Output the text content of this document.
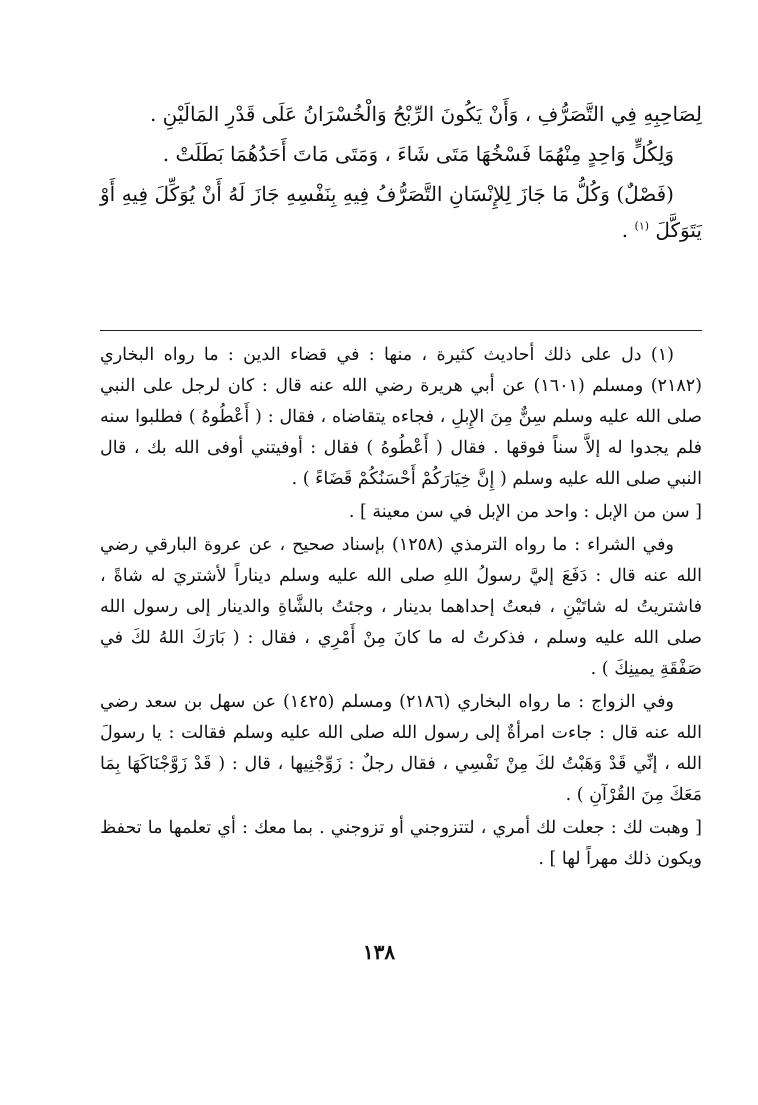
لِصَاحِبِهِ فِي التَّصَرُّفِ ، وَأَنْ يَكُونَ الرِّبْحُ وَالْخُسْرَانُ عَلَى قَدْرِ المَالَيْنِ .

وَلِكُلٍّ وَاحِدٍ مِنْهُمَا فَسْخُهَا مَتَى شَاءَ ، وَمَتَى مَاتَ أَحَدُهُمَا بَطَلَتْ .

(فَصْلٌ) وَكُلُّ مَا جَازَ لِلإِنْسَانِ التَّصَرُّفُ فِيهِ بِنَفْسِهِ جَازَ لَهُ أَنْ يُوَكِّلَ فِيهِ أَوْ يَتَوَكَّلَ $^{(١)}$ .

(١) دل على ذلك أحاديث كثيرة ، منها : في قضاء الدين : ما رواه البخاري (٢١٨٢) ومسلم (١٦٠١) عن أبي هريرة رضي الله عنه قال : كان لرجل على النبي صلى الله عليه وسلم سِنٌّ مِنَ الإِبلِ ، فجاءه يتقاضاه ، فقال : ( أَعْطُوهُ ) فطلبوا سنه فلم يجدوا له إلاَّ سناً فوقها . فقال ( أَعْطُوهُ ) فقال : أوفيتني أوفى الله بك ، قال النبي صلى الله عليه وسلم ( إِنَّ خِيَارَكُمْ أَحْسَنُكُمْ قَضَاءً ) .

[ سن من الإبل : واحد من الإبل في سن معينة ] .

وفي الشراء : ما رواه الترمذي (١٢٥٨) بإسناد صحيح ، عن عروة البارقي رضي الله عنه قال : دَفَعَ إليَّ رسولُ اللهِ صلى الله عليه وسلم ديناراً لأشتريَ له شاةً ، فاشتريتُ له شاتَيْنِ ، فبعتُ إحداهما بدينار ، وجئتُ بالشَّاةِ والدينار إلى رسول الله صلى الله عليه وسلم ، فذكرتُ له ما كانَ مِنْ أَمْرِي ، فقال : ( بَارَكَ اللهُ لكَ في صَفْقَةِ يمينِكَ ) .

وفي الزواج : ما رواه البخاري (٢١٨٦) ومسلم (١٤٢٥) عن سهل بن سعد رضي الله عنه قال : جاءت امرأةٌ إلى رسول الله صلى الله عليه وسلم فقالت : يا رسولَ الله ، إنِّي قَدْ وَهَبْتُ لكَ مِنْ نَفْسِي ، فقال رجلٌ : زَوِّجْنِيها ، قال : ( قَدْ زَوَّجْنَاكَهَا بِمَا مَعَكَ مِنَ القُرْآنِ ) .

[ وهبت لك : جعلت لك أمري ، لتتزوجني أو تزوجني . بما معك : أي تعلمها ما تحفظ ويكون ذلك مهراً لها ] .

١٣٨
